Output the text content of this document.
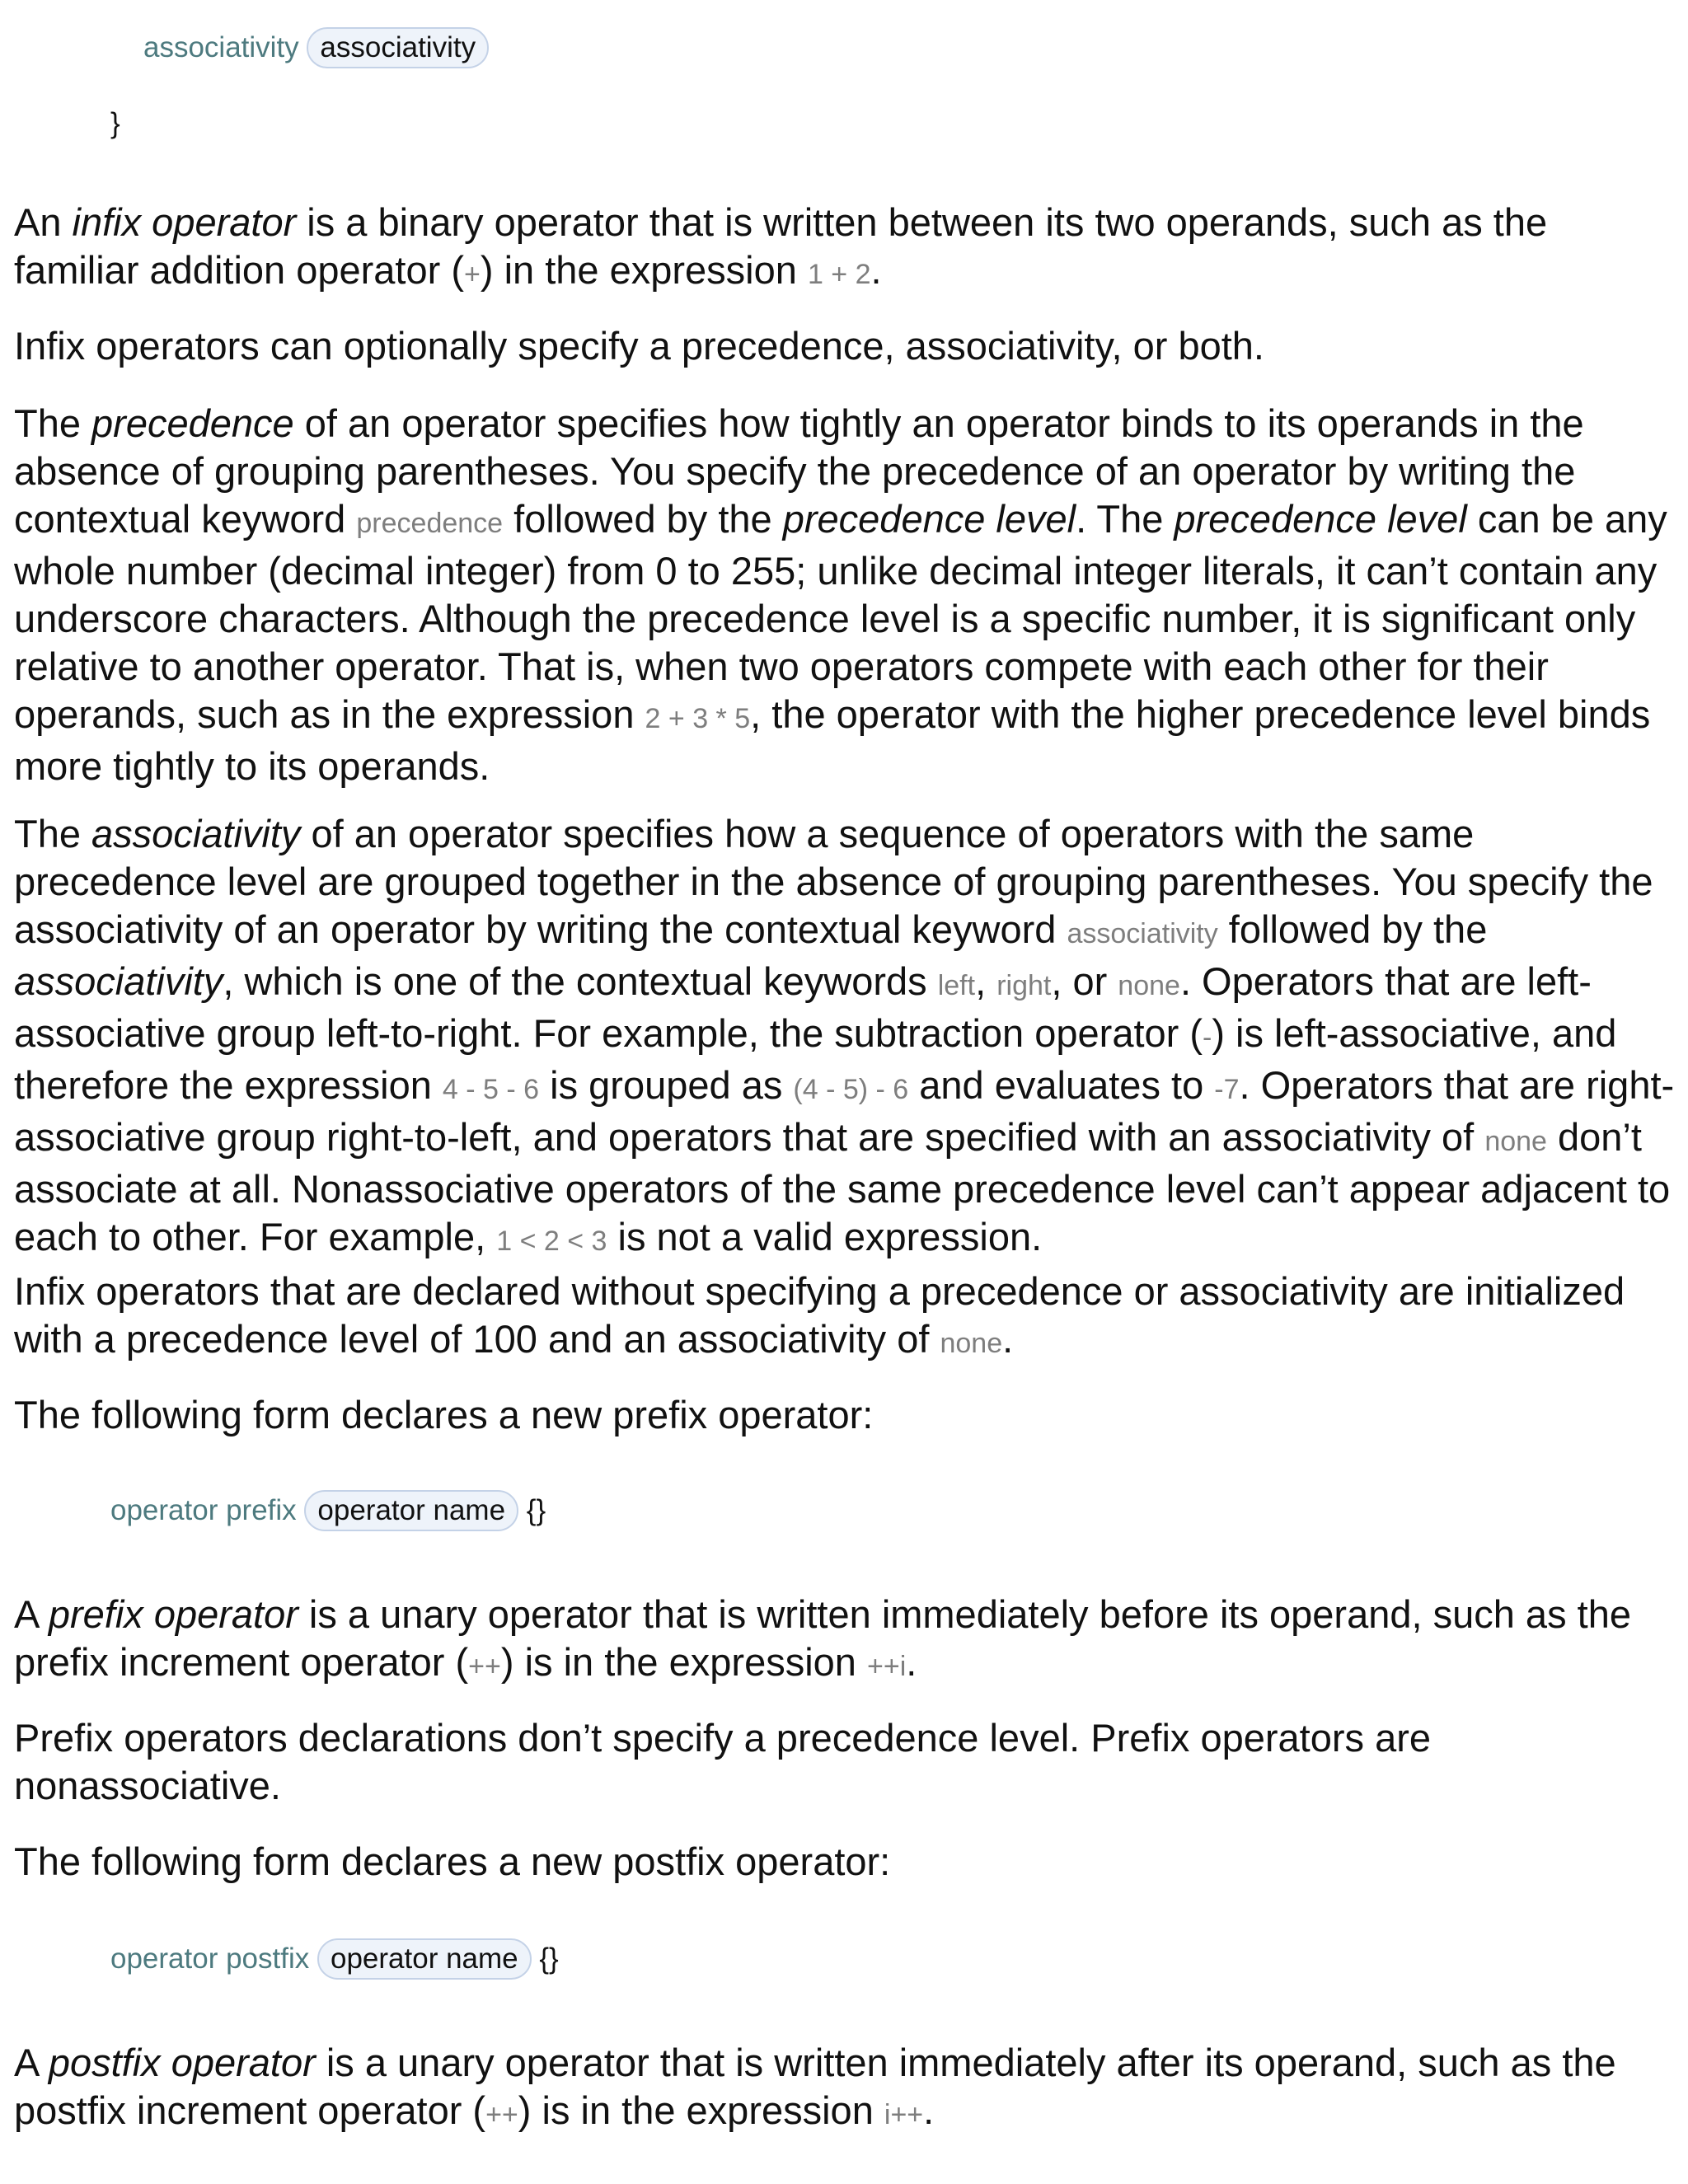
associativity associativity
}

An infix operator is a binary operator that is written between its two operands, such as the familiar addition operator (+) in the expression 1 + 2.

Infix operators can optionally specify a precedence, associativity, or both.

The precedence of an operator specifies how tightly an operator binds to its operands in the absence of grouping parentheses. You specify the precedence of an operator by writing the contextual keyword precedence followed by the precedence level. The precedence level can be any whole number (decimal integer) from 0 to 255; unlike decimal integer literals, it can’t contain any underscore characters. Although the precedence level is a specific number, it is significant only relative to another operator. That is, when two operators compete with each other for their operands, such as in the expression 2 + 3 * 5, the operator with the higher precedence level binds more tightly to its operands.

The associativity of an operator specifies how a sequence of operators with the same precedence level are grouped together in the absence of grouping parentheses. You specify the associativity of an operator by writing the contextual keyword associativity followed by the associativity, which is one of the contextual keywords left, right, or none. Operators that are left-associative group left-to-right. For example, the subtraction operator (-) is left-associative, and therefore the expression 4 - 5 - 6 is grouped as (4 - 5) - 6 and evaluates to -7. Operators that are right-associative group right-to-left, and operators that are specified with an associativity of none don’t associate at all. Nonassociative operators of the same precedence level can’t appear adjacent to each to other. For example, 1 < 2 < 3 is not a valid expression.

Infix operators that are declared without specifying a precedence or associativity are initialized with a precedence level of 100 and an associativity of none.

The following form declares a new prefix operator:

operator prefix operator name {}

A prefix operator is a unary operator that is written immediately before its operand, such as the prefix increment operator (++) is in the expression ++i.

Prefix operators declarations don’t specify a precedence level. Prefix operators are nonassociative.

The following form declares a new postfix operator:

operator postfix operator name {}

A postfix operator is a unary operator that is written immediately after its operand, such as the postfix increment operator (++) is in the expression i++.
